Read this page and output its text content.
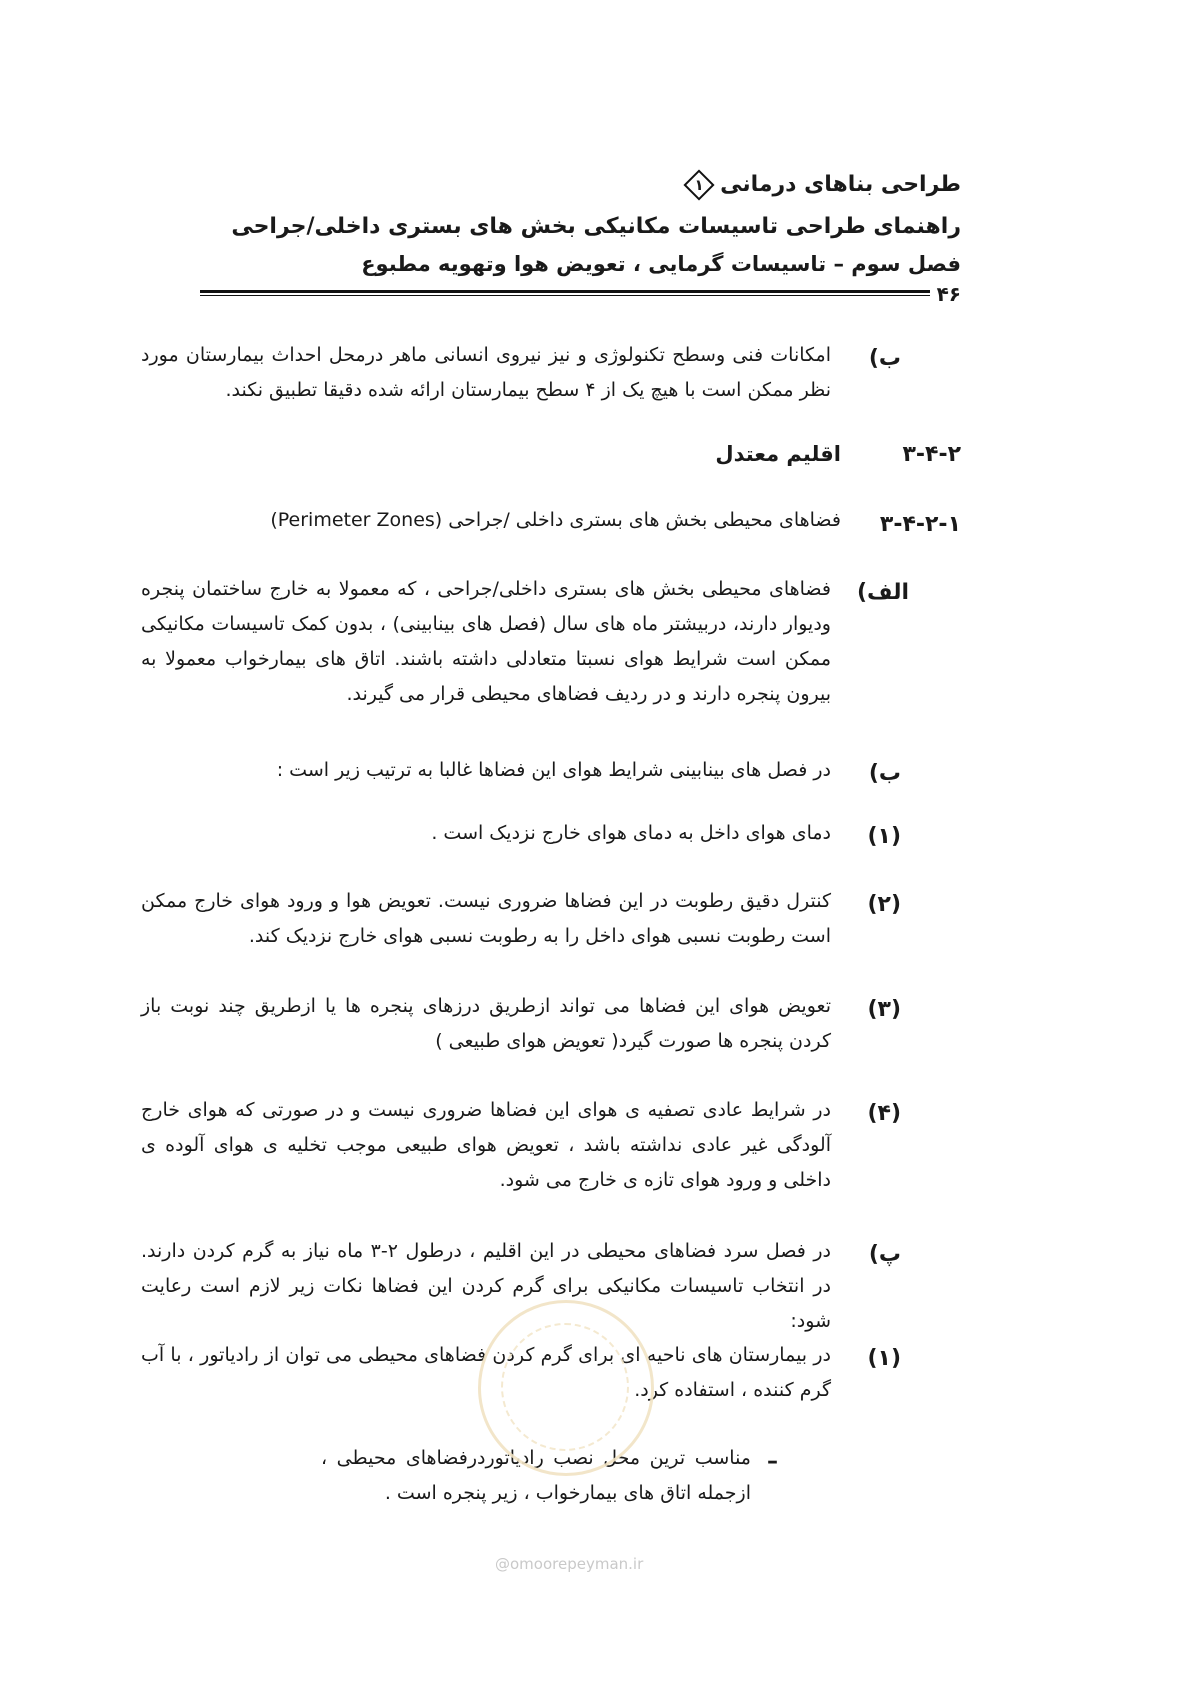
طراحی بناهای درمانی
۱
راهنمای طراحی تاسیسات مکانیکی بخش های بستری داخلی/جراحی
فصل سوم – تاسیسات گرمایی ، تعویض هوا وتهویه مطبوع
۴۶
ب)
امکانات فنی وسطح تکنولوژی و نیز نیروی انسانی ماهر درمحل احداث بیمارستان مورد نظر ممکن است با هیچ یک از ۴ سطح بیمارستان ارائه شده دقیقا تطبیق نکند.
۳-۴-۲
اقلیم معتدل
۳-۴-۲-۱
فضاهای محیطی بخش های بستری داخلی /جراحی (Perimeter Zones)
الف)
فضاهای محیطی بخش های بستری داخلی/جراحی ، که معمولا به خارج ساختمان پنجره ودیوار دارند، دربیشتر ماه های سال (فصل های بینابینی) ، بدون کمک تاسیسات مکانیکی ممکن است شرایط هوای نسبتا متعادلی داشته باشند. اتاق های بیمارخواب معمولا به بیرون پنجره دارند و در ردیف فضاهای محیطی قرار می گیرند.
ب)
در فصل های بینابینی شرایط هوای این فضاها غالبا به ترتیب زیر است :
(۱)
دمای هوای داخل به دمای هوای خارج نزدیک است .
(۲)
کنترل دقیق رطوبت در این فضاها ضروری نیست. تعویض هوا و ورود هوای خارج ممکن است رطوبت نسبی هوای داخل را به رطوبت نسبی هوای خارج نزدیک کند.
(۳)
تعویض هوای این فضاها می تواند ازطریق درزهای پنجره ها یا ازطریق چند نوبت باز کردن پنجره ها صورت گیرد( تعویض هوای طبیعی )
(۴)
در شرایط عادی تصفیه ی هوای این فضاها ضروری نیست و در صورتی که هوای خارج آلودگی غیر عادی نداشته باشد ، تعویض هوای طبیعی موجب تخلیه ی هوای آلوده ی داخلی و ورود هوای تازه ی خارج می شود.
پ)
در فصل سرد فضاهای محیطی در این اقلیم ، درطول ۲-۳ ماه نیاز به گرم کردن دارند. در انتخاب تاسیسات مکانیکی برای گرم کردن این فضاها نکات زیر لازم است رعایت شود:
(۱)
در بیمارستان های ناحیه ای برای گرم کردن فضاهای محیطی می توان از رادیاتور ، با آب گرم کننده ، استفاده کرد.
–
مناسب ترین محل نصب رادیاتوردرفضاهای محیطی ، ازجمله اتاق های بیمارخواب ، زیر پنجره است .
@omoorepeyman.ir
